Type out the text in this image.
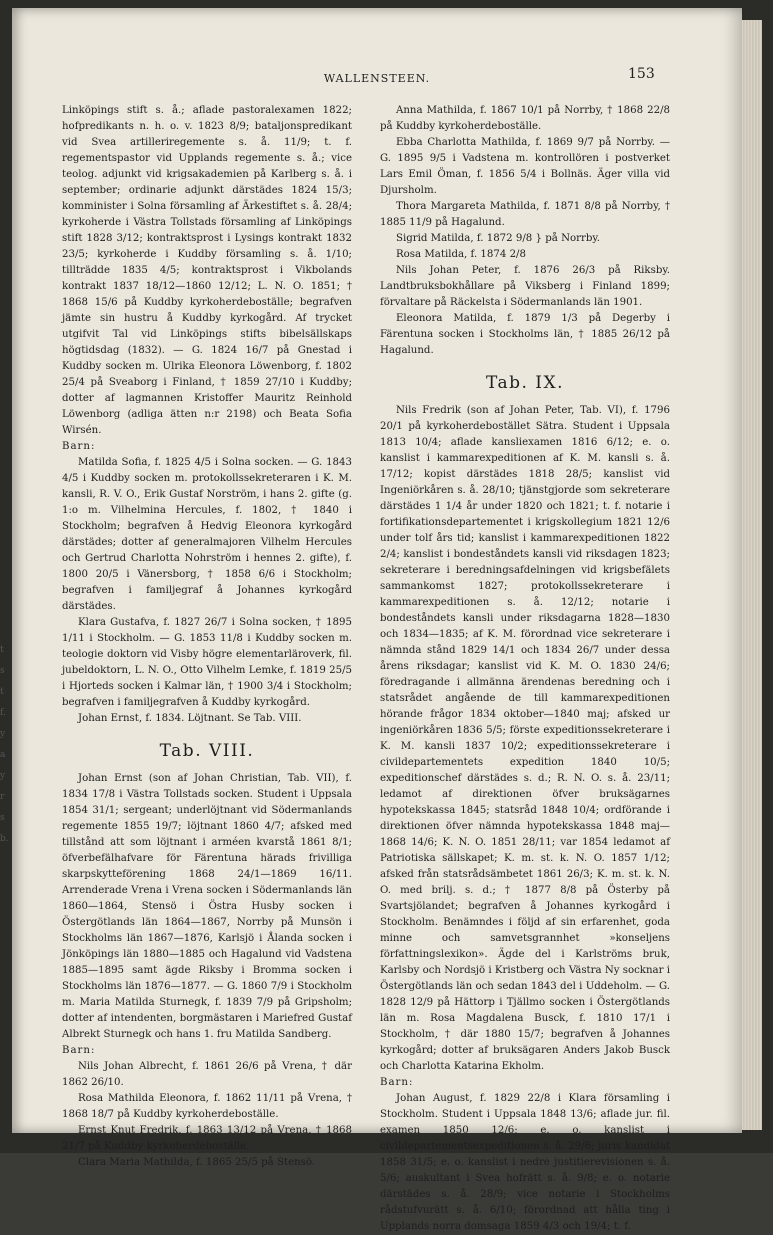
t
s
t
f.
y
a
y
r
s
b.
WALLENSTEEN.	153

Linköpings stift s. å.; aflade pastoralexamen 1822; hofpredikants n. h. o. v. 1823 8/9; bataljonspredikant vid Svea artilleriregemente s. å. 11/9; t. f. regementspastor vid Upplands regemente s. å.; vice teolog. adjunkt vid krigsakademien på Karlberg s. å. i september; ordinarie adjunkt därstädes 1824 15/3; komminister i Solna församling af Ärkestiftet s. å. 28/4; kyrkoherde i Västra Tollstads församling af Linköpings stift 1828 3/12; kontraktsprost i Lysings kontrakt 1832 23/5; kyrkoherde i Kuddby församling s. å. 1/10; tillträdde 1835 4/5; kontraktsprost i Vikbolands kontrakt 1837 18/12—1860 12/12; L. N. O. 1851; † 1868 15/6 på Kuddby kyrkoherdeboställe; begrafven jämte sin hustru å Kuddby kyrkogård. Af trycket utgifvit Tal vid Linköpings stifts bibelsällskaps högtidsdag (1832). — G. 1824 16/7 på Gnestad i Kuddby socken m. Ulrika Eleonora Löwenborg, f. 1802 25/4 på Sveaborg i Finland, † 1859 27/10 i Kuddby; dotter af lagmannen Kristoffer Mauritz Reinhold Löwenborg (adliga ätten n:r 2198) och Beata Sofia Wirsén.

Barn:

Matilda Sofia, f. 1825 4/5 i Solna socken. — G. 1843 4/5 i Kuddby socken m. protokollssekreteraren i K. M. kansli, R. V. O., Erik Gustaf Norström, i hans 2. gifte (g. 1:o m. Vilhelmina Hercules, f. 1802, † 1840 i Stockholm; begrafven å Hedvig Eleonora kyrkogård därstädes; dotter af generalmajoren Vilhelm Hercules och Gertrud Charlotta Nohrström i hennes 2. gifte), f. 1800 20/5 i Vänersborg, † 1858 6/6 i Stockholm; begrafven i familjegraf å Johannes kyrkogård därstädes.

Klara Gustafva, f. 1827 26/7 i Solna socken, † 1895 1/11 i Stockholm. — G. 1853 11/8 i Kuddby socken m. teologie doktorn vid Visby högre elementarläroverk, fil. jubeldoktorn, L. N. O., Otto Vilhelm Lemke, f. 1819 25/5 i Hjorteds socken i Kalmar län, † 1900 3/4 i Stockholm; begrafven i familjegrafven å Kuddby kyrkogård.

Johan Ernst, f. 1834. Löjtnant. Se Tab. VIII.

Tab. VIII.

Johan Ernst (son af Johan Christian, Tab. VII), f. 1834 17/8 i Västra Tollstads socken. Student i Uppsala 1854 31/1; sergeant; underlöjtnant vid Södermanlands regemente 1855 19/7; löjtnant 1860 4/7; afsked med tillstånd att som löjtnant i arméen kvarstå 1861 8/1; öfverbefälhafvare för Färentuna härads frivilliga skarpskytteförening 1868 24/1—1869 16/11. Arrenderade Vrena i Vrena socken i Södermanlands län 1860—1864, Stensö i Östra Husby socken i Östergötlands län 1864—1867, Norrby på Munsön i Stockholms län 1867—1876, Karlsjö i Ålanda socken i Jönköpings län 1880—1885 och Hagalund vid Vadstena 1885—1895 samt ägde Riksby i Bromma socken i Stockholms län 1876—1877. — G. 1860 7/9 i Stockholm m. Maria Matilda Sturnegk, f. 1839 7/9 på Gripsholm; dotter af intendenten, borgmästaren i Mariefred Gustaf Albrekt Sturnegk och hans 1. fru Matilda Sandberg.

Barn:

Nils Johan Albrecht, f. 1861 26/6 på Vrena, † där 1862 26/10.

Rosa Mathilda Eleonora, f. 1862 11/11 på Vrena, † 1868 18/7 på Kuddby kyrkoherdeboställe.

Ernst Knut Fredrik, f. 1863 13/12 på Vrena, † 1868 21/7 på Kuddby kyrkoherdeboställe.

Clara Maria Mathilda, f. 1865 25/5 på Stensö.

Anna Mathilda, f. 1867 10/1 på Norrby, † 1868 22/8 på Kuddby kyrkoherdeboställe.

Ebba Charlotta Mathilda, f. 1869 9/7 på Norrby. — G. 1895 9/5 i Vadstena m. kontrollören i postverket Lars Emil Öman, f. 1856 5/4 i Bollnäs. Äger villa vid Djursholm.

Thora Margareta Mathilda, f. 1871 8/8 på Norrby, † 1885 11/9 på Hagalund.

Sigrid Matilda, f. 1872 9/8 } på Norrby.

Rosa Matilda, f. 1874 2/8

Nils Johan Peter, f. 1876 26/3 på Riksby. Landtbruksbokhållare på Viksberg i Finland 1899; förvaltare på Räckelsta i Södermanlands län 1901.

Eleonora Matilda, f. 1879 1/3 på Degerby i Färentuna socken i Stockholms län, † 1885 26/12 på Hagalund.

Tab. IX.

Nils Fredrik (son af Johan Peter, Tab. VI), f. 1796 20/1 på kyrkoherdebostället Sätra. Student i Uppsala 1813 10/4; aflade kansliexamen 1816 6/12; e. o. kanslist i kammarexpeditionen af K. M. kansli s. å. 17/12; kopist därstädes 1818 28/5; kanslist vid Ingeniörkåren s. å. 28/10; tjänstgjorde som sekreterare därstädes 1 1/4 år under 1820 och 1821; t. f. notarie i fortifikationsdepartementet i krigskollegium 1821 12/6 under tolf års tid; kanslist i kammarexpeditionen 1822 2/4; kanslist i bondeståndets kansli vid riksdagen 1823; sekreterare i beredningsafdelningen vid krigsbefälets sammankomst 1827; protokollssekreterare i kammarexpeditionen s. å. 12/12; notarie i bondeståndets kansli under riksdagarna 1828—1830 och 1834—1835; af K. M. förordnad vice sekreterare i nämnda stånd 1829 14/1 och 1834 26/7 under dessa årens riksdagar; kanslist vid K. M. O. 1830 24/6; föredragande i allmänna ärendenas beredning och i statsrådet angående de till kammarexpeditionen hörande frågor 1834 oktober—1840 maj; afsked ur ingeniörkåren 1836 5/5; förste expeditionssekreterare i K. M. kansli 1837 10/2; expeditionssekreterare i civildepartementets expedition 1840 10/5; expeditionschef därstädes s. d.; R. N. O. s. å. 23/11; ledamot af direktionen öfver bruksägarnes hypotekskassa 1845; statsråd 1848 10/4; ordförande i direktionen öfver nämnda hypotekskassa 1848 maj—1868 14/6; K. N. O. 1851 28/11; var 1854 ledamot af Patriotiska sällskapet; K. m. st. k. N. O. 1857 1/12; afsked från statsrådsämbetet 1861 26/3; K. m. st. k. N. O. med brilj. s. d.; † 1877 8/8 på Österby på Svartsjölandet; begrafven å Johannes kyrkogård i Stockholm. Benämndes i följd af sin erfarenhet, goda minne och samvetsgrannhet »konseljens författningslexikon». Ägde del i Karlströms bruk, Karlsby och Nordsjö i Kristberg och Västra Ny socknar i Östergötlands län och sedan 1843 del i Uddeholm. — G. 1828 12/9 på Hättorp i Tjällmo socken i Östergötlands län m. Rosa Magdalena Busck, f. 1810 17/1 i Stockholm, † där 1880 15/7; begrafven å Johannes kyrkogård; dotter af bruksägaren Anders Jakob Busck och Charlotta Katarina Ekholm.

Barn:

Johan August, f. 1829 22/8 i Klara församling i Stockholm. Student i Uppsala 1848 13/6; aflade jur. fil. examen 1850 12/6; e. o. kanslist i civildepartementsexpeditionen s. å. 29/6; juris kandidat 1858 31/5; e. o. kanslist i nedre justitierevisionen s. å. 5/6; auskultant i Svea hofrätt s. å. 9/8; e. o. notarie därstädes s. å. 28/9; vice notarie i Stockholms rådstufvurätt s. å. 6/10; förordnad att hålla ting i Upplands norra domsaga 1859 4/3 och 19/4; t. f.
